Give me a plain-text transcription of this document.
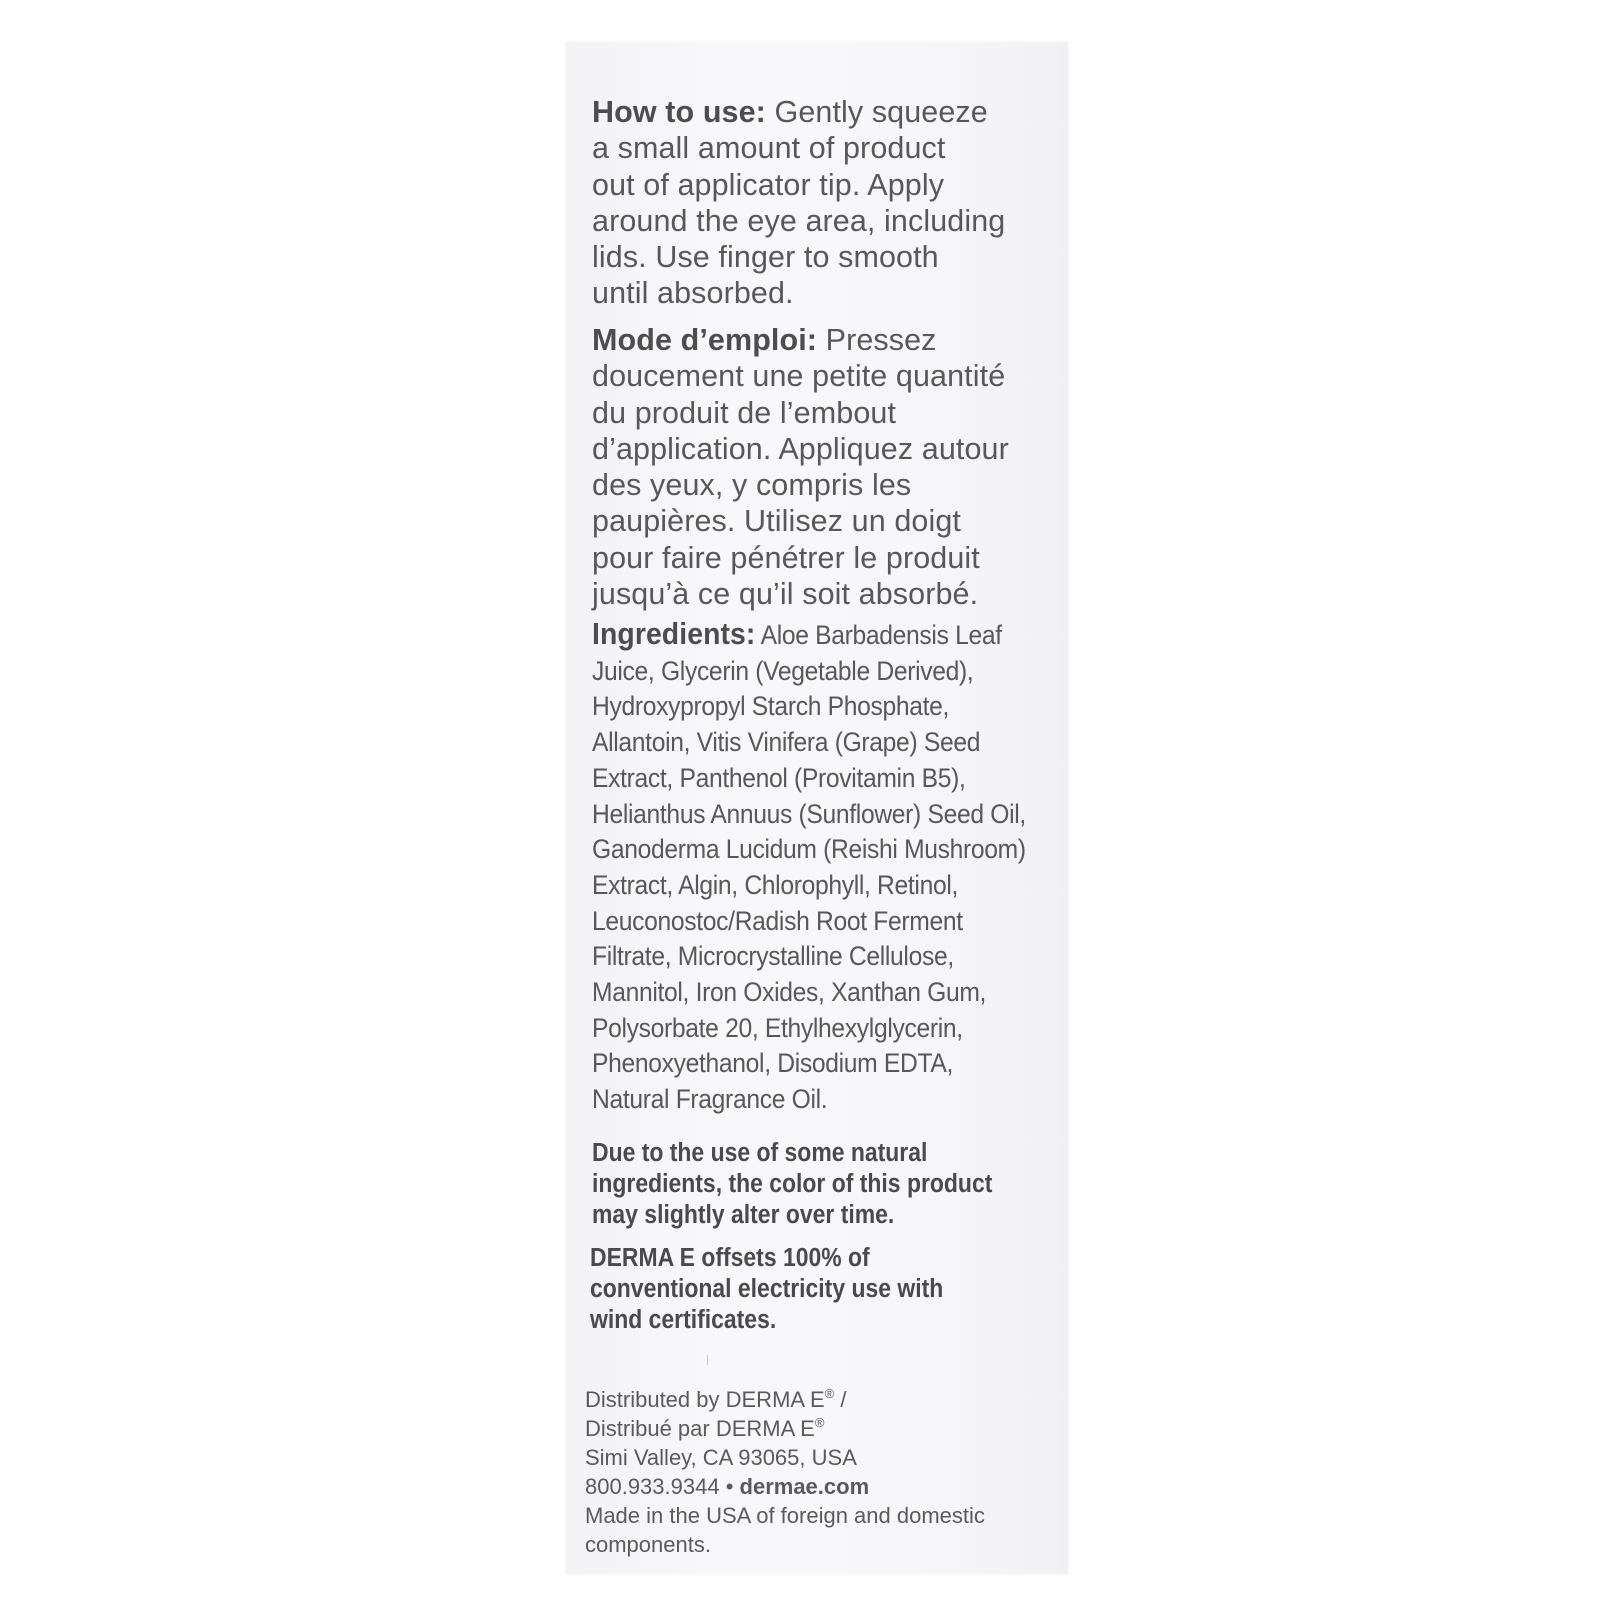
How to use: Gently squeeze
a small amount of product
out of applicator tip. Apply
around the eye area, including
lids. Use finger to smooth
until absorbed.
Mode d’emploi: Pressez
doucement une petite quantité
du produit de l’embout
d’application. Appliquez autour
des yeux, y compris les
paupières. Utilisez un doigt
pour faire pénétrer le produit
jusqu’à ce qu’il soit absorbé.
Ingredients: Aloe Barbadensis Leaf
Juice, Glycerin (Vegetable Derived),
Hydroxypropyl Starch Phosphate,
Allantoin, Vitis Vinifera (Grape) Seed
Extract, Panthenol (Provitamin B5),
Helianthus Annuus (Sunflower) Seed Oil,
Ganoderma Lucidum (Reishi Mushroom)
Extract, Algin, Chlorophyll, Retinol,
Leuconostoc/Radish Root Ferment
Filtrate, Microcrystalline Cellulose,
Mannitol, Iron Oxides, Xanthan Gum,
Polysorbate 20, Ethylhexylglycerin,
Phenoxyethanol, Disodium EDTA,
Natural Fragrance Oil.
Due to the use of some natural
ingredients, the color of this product
may slightly alter over time.
DERMA E offsets 100% of
conventional electricity use with
wind certificates.
Distributed by DERMA E® /
Distribué par DERMA E®
Simi Valley, CA 93065, USA
800.933.9344 • dermae.com
Made in the USA of foreign and domestic
components.
